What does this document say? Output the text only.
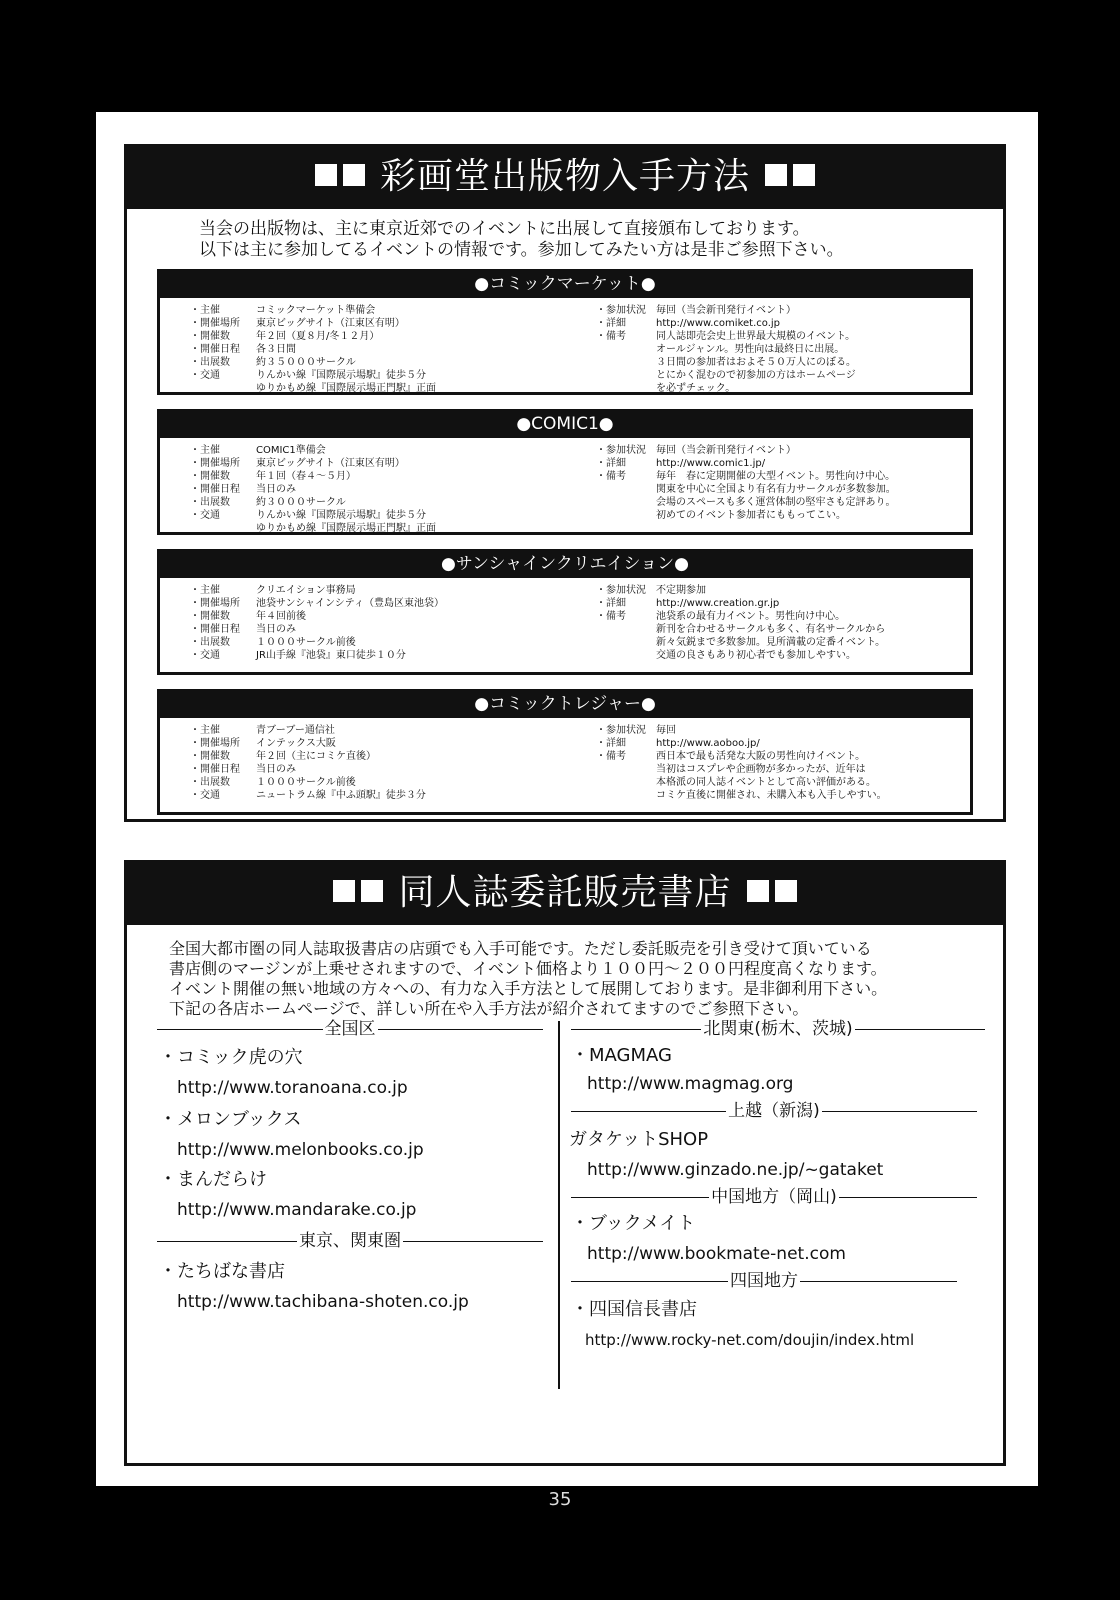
彩画堂出版物入手方法
当会の出版物は、主に東京近郊でのイベントに出展して直接頒布しております。
以下は主に参加してるイベントの情報です。参加してみたい方は是非ご参照下さい。
●コミックマーケット●
・主催	コミックマーケット準備会
・開催場所 東京ビッグサイト（江東区有明）
・開催数	年２回（夏８月/冬１２月）
・開催日程 各３日間
・出展数	約３５０００サークル
・交通	りんかい線『国際展示場駅』徒歩５分
ゆりかもめ線『国際展示場正門駅』正面
・参加状況 毎回（当会新刊発行イベント）
・詳細	http://www.comiket.co.jp
・備考	同人誌即売会史上世界最大規模のイベント。
オールジャンル。男性向は最終日に出展。
３日間の参加者はおよそ５０万人にのぼる。
とにかく混むので初参加の方はホームページ
を必ずチェック。
●COMIC1●
・主催	COMIC1準備会
・開催場所 東京ビッグサイト（江東区有明）
・開催数	年１回（春４～５月）
・開催日程 当日のみ
・出展数	約３０００サークル
・交通	りんかい線『国際展示場駅』徒歩５分
ゆりかもめ線『国際展示場正門駅』正面
・参加状況 毎回（当会新刊発行イベント）
・詳細	http://www.comic1.jp/
・備考	毎年　春に定期開催の大型イベント。男性向け中心。
関東を中心に全国より有名有力サークルが多数参加。
会場のスペースも多く運営体制の堅牢さも定評あり。
初めてのイベント参加者にももってこい。
●サンシャインクリエイション●
・主催	クリエイション事務局
・開催場所 池袋サンシャインシティ（豊島区東池袋）
・開催数	年４回前後
・開催日程 当日のみ
・出展数	１０００サークル前後
・交通	JR山手線『池袋』東口徒歩１０分
・参加状況 不定期参加
・詳細	http://www.creation.gr.jp
・備考	池袋系の最有力イベント。男性向け中心。
新刊を合わせるサークルも多く、有名サークルから
新々気鋭まで多数参加。見所満載の定番イベント。
交通の良さもあり初心者でも参加しやすい。
●コミックトレジャー●
・主催	青ブーブー通信社
・開催場所 インテックス大阪
・開催数	年２回（主にコミケ直後）
・開催日程 当日のみ
・出展数	１０００サークル前後
・交通	ニュートラム線『中ふ頭駅』徒歩３分
・参加状況 毎回
・詳細	http://www.aoboo.jp/
・備考	西日本で最も活発な大阪の男性向けイベント。
当初はコスプレや企画物が多かったが、近年は
本格派の同人誌イベントとして高い評価がある。
コミケ直後に開催され、未購入本も入手しやすい。
同人誌委託販売書店
全国大都市圏の同人誌取扱書店の店頭でも入手可能です。ただし委託販売を引き受けて頂いている
書店側のマージンが上乗せされますので、イベント価格より１００円～２００円程度高くなります。
イベント開催の無い地域の方々への、有力な入手方法として展開しております。是非御利用下さい。
下記の各店ホームページで、詳しい所在や入手方法が紹介されてますのでご参照下さい。
全国区
・コミック虎の穴
http://www.toranoana.co.jp
・メロンブックス
http://www.melonbooks.co.jp
・まんだらけ
http://www.mandarake.co.jp
東京、関東圏
・たちばな書店
http://www.tachibana-shoten.co.jp
北関東(栃木、茨城)
・MAGMAG
http://www.magmag.org
上越（新潟)
ガタケットSHOP
http://www.ginzado.ne.jp/~gataket
中国地方（岡山)
・ブックメイト
http://www.bookmate-net.com
四国地方
・四国信長書店
http://www.rocky-net.com/doujin/index.html
35
